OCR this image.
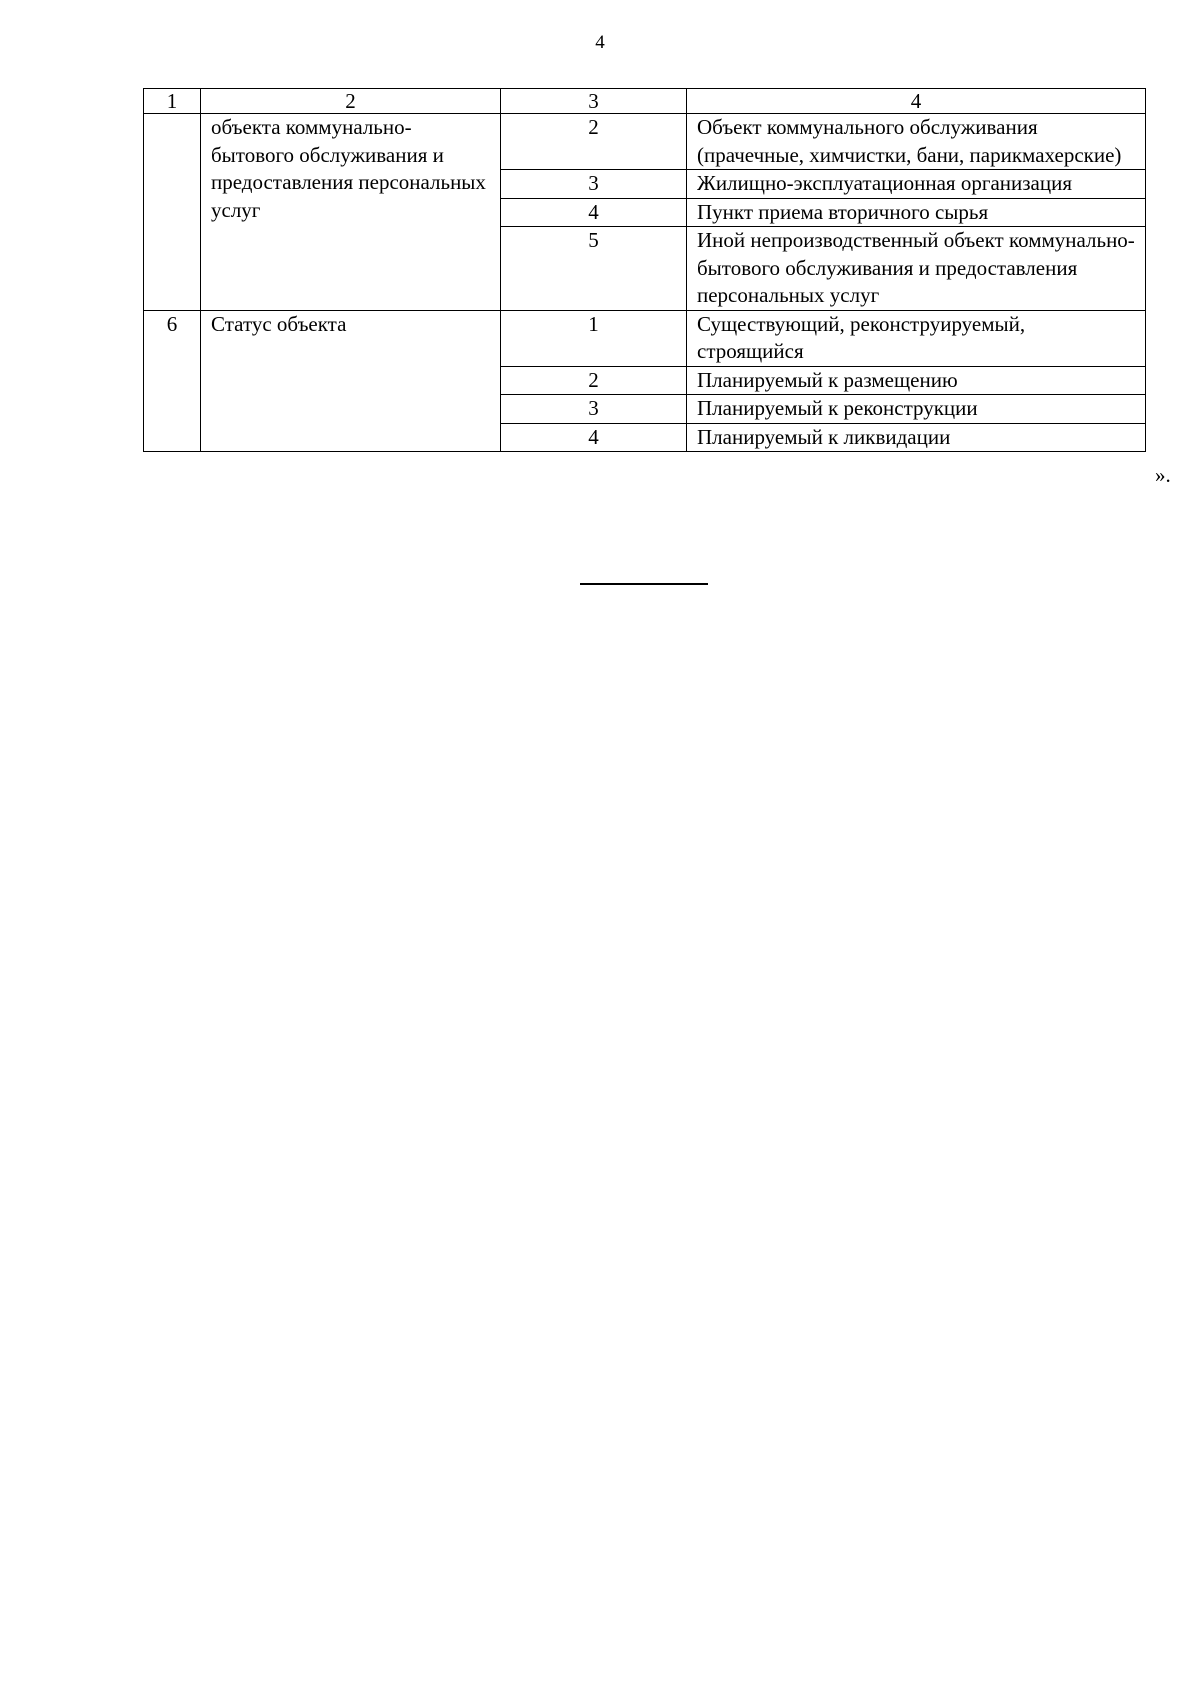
4
1	2	3	4
	объекта коммунально-бытового обслуживания и предоставления персональных услуг	2	Объект коммунального обслуживания (прачечные, химчистки, бани, парикмахерские)
		3	Жилищно-эксплуатационная организация
		4	Пункт приема вторичного сырья
		5	Иной непроизводственный объект коммунально-бытового обслуживания и предоставления персональных услуг
6	Статус объекта	1	Существующий, реконструируемый, строящийся
		2	Планируемый к размещению
		3	Планируемый к реконструкции
		4	Планируемый к ликвидации
».
